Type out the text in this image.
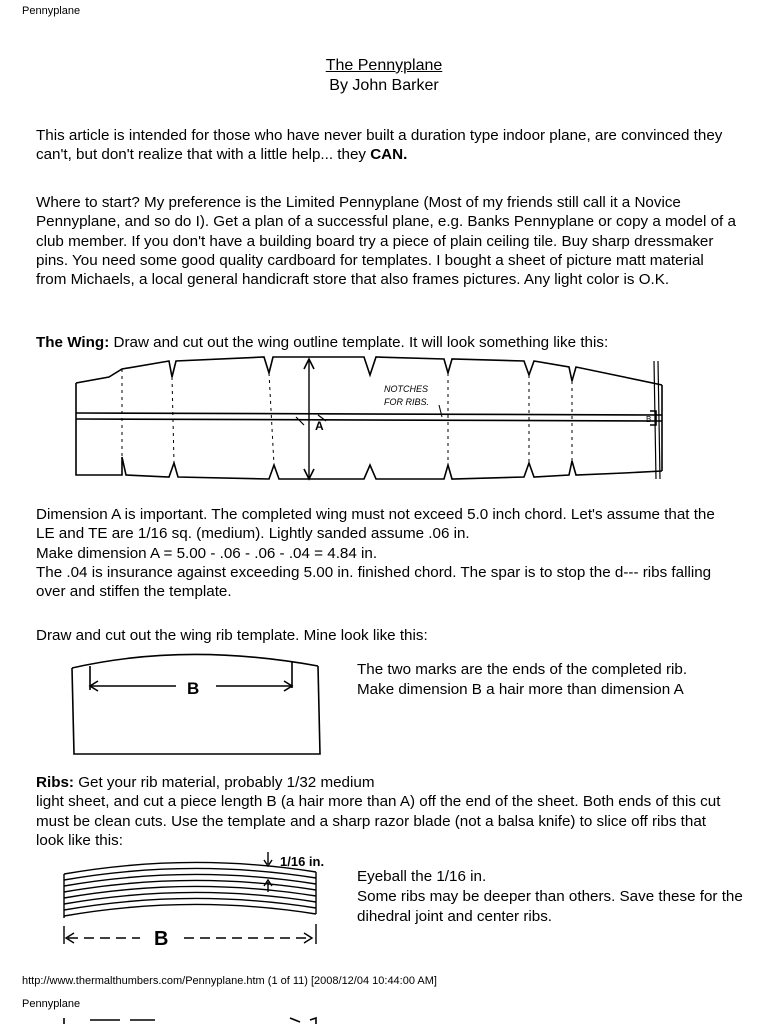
Pennyplane
The Pennyplane
By John Barker

This article is intended for those who have never built a duration type indoor plane, are convinced they can't, but don't realize that with a little help... they CAN.

Where to start? My preference is the Limited Pennyplane (Most of my friends still call it a Novice Pennyplane, and so do I). Get a plan of a successful plane, e.g. Banks Pennyplane or copy a model of a club member. If you don't have a building board try a piece of plain ceiling tile. Buy sharp dressmaker pins. You need some good quality cardboard for templates. I bought a sheet of picture matt material from Michaels, a local general handicraft store that also frames pictures. Any light color is O.K.

The Wing: Draw and cut out the wing outline template. It will look something like this:

NOTCHES
FOR RIBS.
A	B

Dimension A is important. The completed wing must not exceed 5.0 inch chord. Let's assume that the LE and TE are 1/16 sq. (medium). Lightly sanded assume .06 in.
Make dimension A = 5.00 - .06 - .06 - .04 = 4.84 in.
The .04 is insurance against exceeding 5.00 in. finished chord. The spar is to stop the d--- ribs falling over and stiffen the template.

Draw and cut out the wing rib template. Mine look like this:

B
The two marks are the ends of the completed rib.
Make dimension B a hair more than dimension A

Ribs: Get your rib material, probably 1/32 medium
light sheet, and cut a piece length B (a hair more than A) off the end of the sheet. Both ends of this cut must be clean cuts. Use the template and a sharp razor blade (not a balsa knife) to slice off ribs that look like this:

1/16 in.
B
Eyeball the 1/16 in.
Some ribs may be deeper than others. Save these for the dihedral joint and center ribs.
http://www.thermalthumbers.com/Pennyplane.htm (1 of 11) [2008/12/04 10:44:00 AM]
Pennyplane
